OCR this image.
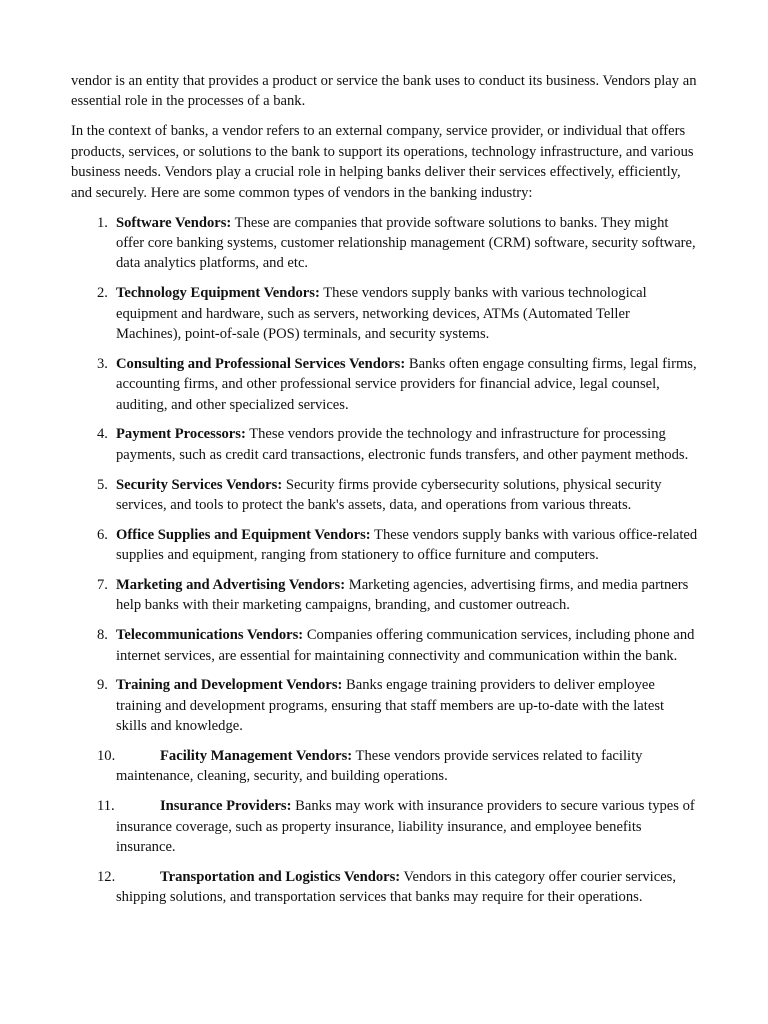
vendor is an entity that provides a product or service the bank uses to conduct its business. Vendors play an essential role in the processes of a bank.

In the context of banks, a vendor refers to an external company, service provider, or individual that offers products, services, or solutions to the bank to support its operations, technology infrastructure, and various business needs. Vendors play a crucial role in helping banks deliver their services effectively, efficiently, and securely. Here are some common types of vendors in the banking industry:

1. Software Vendors: These are companies that provide software solutions to banks. They might offer core banking systems, customer relationship management (CRM) software, security software, data analytics platforms, and etc.
2. Technology Equipment Vendors: These vendors supply banks with various technological equipment and hardware, such as servers, networking devices, ATMs (Automated Teller Machines), point-of-sale (POS) terminals, and security systems.
3. Consulting and Professional Services Vendors: Banks often engage consulting firms, legal firms, accounting firms, and other professional service providers for financial advice, legal counsel, auditing, and other specialized services.
4. Payment Processors: These vendors provide the technology and infrastructure for processing payments, such as credit card transactions, electronic funds transfers, and other payment methods.
5. Security Services Vendors: Security firms provide cybersecurity solutions, physical security services, and tools to protect the bank's assets, data, and operations from various threats.
6. Office Supplies and Equipment Vendors: These vendors supply banks with various office-related supplies and equipment, ranging from stationery to office furniture and computers.
7. Marketing and Advertising Vendors: Marketing agencies, advertising firms, and media partners help banks with their marketing campaigns, branding, and customer outreach.
8. Telecommunications Vendors: Companies offering communication services, including phone and internet services, are essential for maintaining connectivity and communication within the bank.
9. Training and Development Vendors: Banks engage training providers to deliver employee training and development programs, ensuring that staff members are up-to-date with the latest skills and knowledge.
10.	Facility Management Vendors: These vendors provide services related to facility maintenance, cleaning, security, and building operations.
11.	Insurance Providers: Banks may work with insurance providers to secure various types of insurance coverage, such as property insurance, liability insurance, and employee benefits insurance.
12.	Transportation and Logistics Vendors: Vendors in this category offer courier services, shipping solutions, and transportation services that banks may require for their operations.
